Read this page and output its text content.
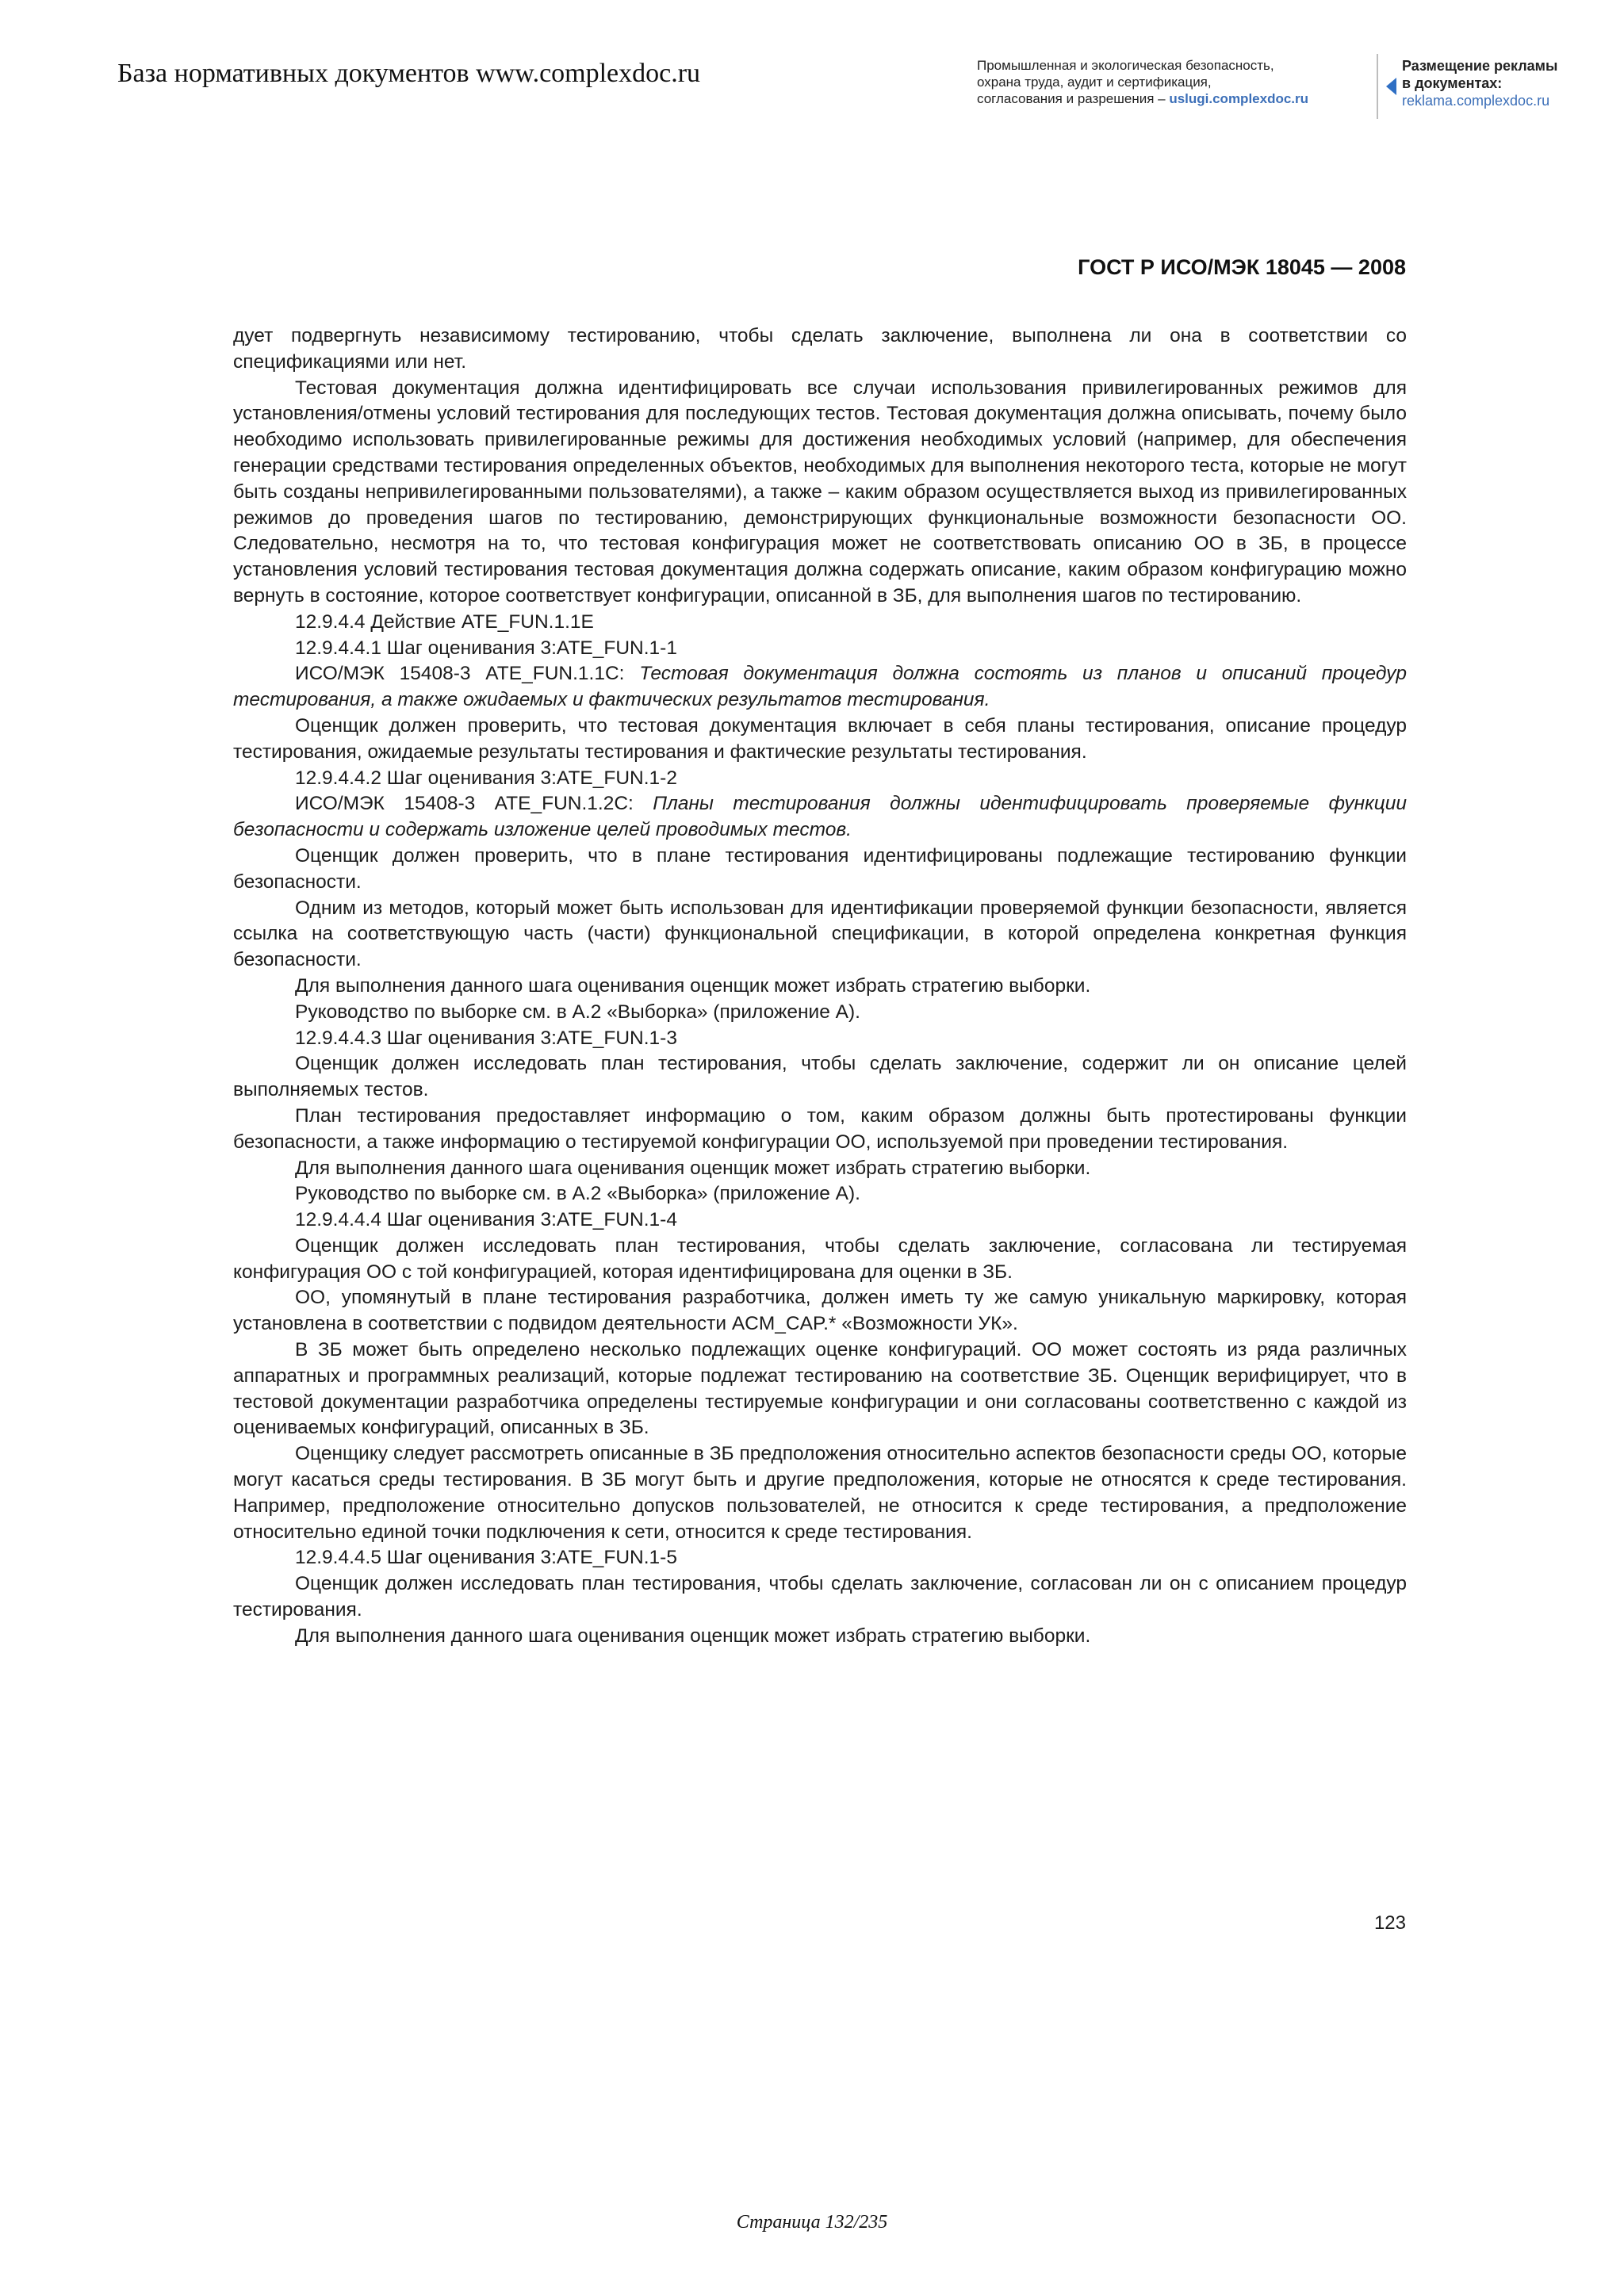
База нормативных документов www.complexdoc.ru	Промышленная и экологическая безопасность,
охрана труда, аудит и сертификация,
согласования и разрешения – uslugi.complexdoc.ru
Размещение рекламы
в документах:
reklama.complexdoc.ru
ГОСТ Р ИСО/МЭК 18045 — 2008

дует подвергнуть независимому тестированию, чтобы сделать заключение, выполнена ли она в соответствии со спецификациями или нет.

Тестовая документация должна идентифицировать все случаи использования привилегированных режимов для установления/отмены условий тестирования для последующих тестов. Тестовая документация должна описывать, почему было необходимо использовать привилегированные режимы для достижения необходимых условий (например, для обеспечения генерации средствами тестирования определенных объектов, необходимых для выполнения некоторого теста, которые не могут быть созданы непривилегированными пользователями), а также – каким образом осуществляется выход из привилегированных режимов до проведения шагов по тестированию, демонстрирующих функциональные возможности безопасности ОО. Следовательно, несмотря на то, что тестовая конфигурация может не соответствовать описанию ОО в ЗБ, в процессе установления условий тестирования тестовая документация должна содержать описание, каким образом конфигурацию можно вернуть в состояние, которое соответствует конфигурации, описанной в ЗБ, для выполнения шагов по тестированию.

12.9.4.4 Действие ATE_FUN.1.1E

12.9.4.4.1 Шаг оценивания 3:ATE_FUN.1-1

ИСО/МЭК 15408-3 ATE_FUN.1.1C: Тестовая документация должна состоять из планов и описаний процедур тестирования, а также ожидаемых и фактических результатов тестирования.

Оценщик должен проверить, что тестовая документация включает в себя планы тестирования, описание процедур тестирования, ожидаемые результаты тестирования и фактические результаты тестирования.

12.9.4.4.2 Шаг оценивания 3:ATE_FUN.1-2

ИСО/МЭК 15408-3 ATE_FUN.1.2C: Планы тестирования должны идентифицировать проверяемые функции безопасности и содержать изложение целей проводимых тестов.

Оценщик должен проверить, что в плане тестирования идентифицированы подлежащие тестированию функции безопасности.

Одним из методов, который может быть использован для идентификации проверяемой функции безопасности, является ссылка на соответствующую часть (части) функциональной спецификации, в которой определена конкретная функция безопасности.

Для выполнения данного шага оценивания оценщик может избрать стратегию выборки.

Руководство по выборке см. в А.2 «Выборка» (приложение А).

12.9.4.4.3 Шаг оценивания 3:ATE_FUN.1-3

Оценщик должен исследовать план тестирования, чтобы сделать заключение, содержит ли он описание целей выполняемых тестов.

План тестирования предоставляет информацию о том, каким образом должны быть протестированы функции безопасности, а также информацию о тестируемой конфигурации ОО, используемой при проведении тестирования.

Для выполнения данного шага оценивания оценщик может избрать стратегию выборки.

Руководство по выборке см. в А.2 «Выборка» (приложение А).

12.9.4.4.4 Шаг оценивания 3:ATE_FUN.1-4

Оценщик должен исследовать план тестирования, чтобы сделать заключение, согласована ли тестируемая конфигурация ОО с той конфигурацией, которая идентифицирована для оценки в ЗБ.

ОО, упомянутый в плане тестирования разработчика, должен иметь ту же самую уникальную маркировку, которая установлена в соответствии с подвидом деятельности ACM_CAP.* «Возможности УК».

В ЗБ может быть определено несколько подлежащих оценке конфигураций. ОО может состоять из ряда различных аппаратных и программных реализаций, которые подлежат тестированию на соответствие ЗБ. Оценщик верифицирует, что в тестовой документации разработчика определены тестируемые конфигурации и они согласованы соответственно с каждой из оцениваемых конфигураций, описанных в ЗБ.

Оценщику следует рассмотреть описанные в ЗБ предположения относительно аспектов безопасности среды ОО, которые могут касаться среды тестирования. В ЗБ могут быть и другие предположения, которые не относятся к среде тестирования. Например, предположение относительно допусков пользователей, не относится к среде тестирования, а предположение относительно единой точки подключения к сети, относится к среде тестирования.

12.9.4.4.5 Шаг оценивания 3:ATE_FUN.1-5

Оценщик должен исследовать план тестирования, чтобы сделать заключение, согласован ли он с описанием процедур тестирования.

Для выполнения данного шага оценивания оценщик может избрать стратегию выборки.

123
Страница 132/235
